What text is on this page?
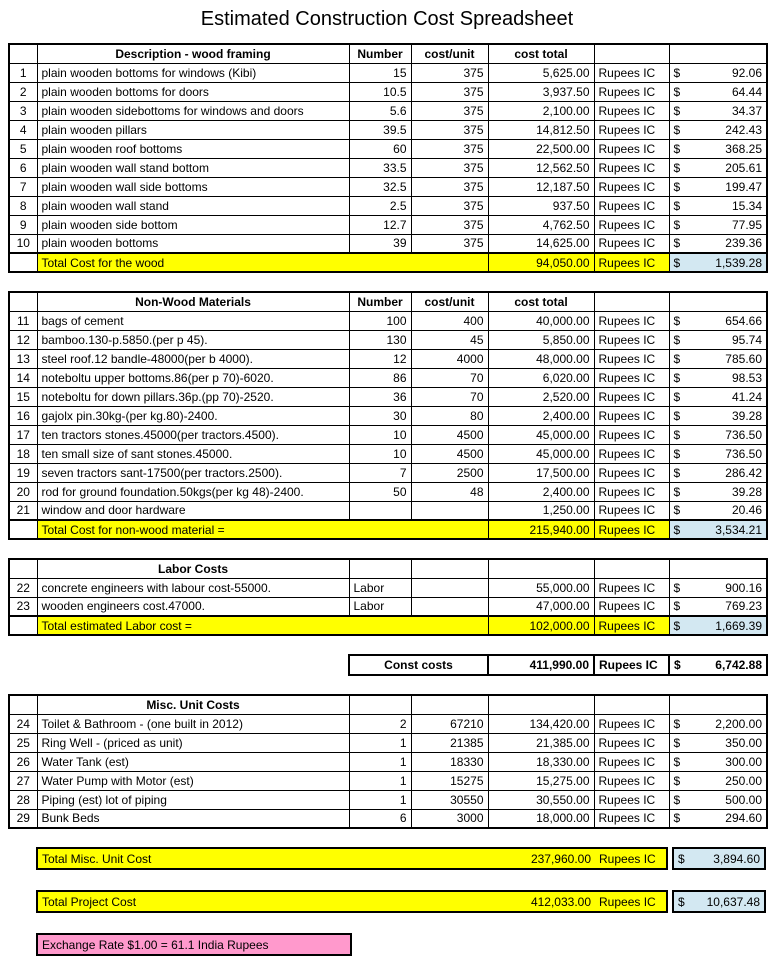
Estimated Construction Cost Spreadsheet
	Description - wood framing	Number	cost/unit	cost total		
1	plain wooden bottoms for windows (Kibi)	15	375	5,625.00	Rupees IC	$ 92.06

2	plain wooden bottoms for doors	10.5	375	3,937.50	Rupees IC	$ 64.44

3	plain wooden sidebottoms for windows and doors	5.6	375	2,100.00	Rupees IC	$ 34.37

4	plain wooden pillars	39.5	375	14,812.50	Rupees IC	$ 242.43

5	plain wooden roof bottoms	60	375	22,500.00	Rupees IC	$ 368.25

6	plain wooden wall stand bottom	33.5	375	12,562.50	Rupees IC	$ 205.61

7	plain wooden wall side bottoms	32.5	375	12,187.50	Rupees IC	$ 199.47

8	plain wooden wall stand	2.5	375	937.50	Rupees IC	$ 15.34

9	plain wooden side bottom	12.7	375	4,762.50	Rupees IC	$ 77.95

10	plain wooden bottoms	39	375	14,625.00	Rupees IC	$ 239.36

	Total Cost for the wood			94,050.00	Rupees IC	$ 1,539.28
	Non-Wood Materials	Number	cost/unit	cost total		
11	bags of cement	100	400	40,000.00	Rupees IC	$ 654.66

12	bamboo.130-p.5850.(per p 45).	130	45	5,850.00	Rupees IC	$ 95.74

13	steel roof.12 bandle-48000(per b 4000).	12	4000	48,000.00	Rupees IC	$ 785.60

14	noteboltu upper bottoms.86(per p 70)-6020.	86	70	6,020.00	Rupees IC	$ 98.53

15	noteboltu for down pillars.36p.(pp 70)-2520.	36	70	2,520.00	Rupees IC	$ 41.24

16	gajolx pin.30kg-(per kg.80)-2400.	30	80	2,400.00	Rupees IC	$ 39.28

17	ten tractors stones.45000(per tractors.4500).	10	4500	45,000.00	Rupees IC	$ 736.50

18	ten small size of sant stones.45000.	10	4500	45,000.00	Rupees IC	$ 736.50

19	seven tractors sant-17500(per tractors.2500).	7	2500	17,500.00	Rupees IC	$ 286.42

20	rod for ground foundation.50kgs(per kg 48)-2400.	50	48	2,400.00	Rupees IC	$ 39.28

21	window and door hardware			1,250.00	Rupees IC	$ 20.46

	Total Cost for non-wood material =			215,940.00	Rupees IC	$ 3,534.21
	Labor Costs					
22	concrete engineers with labour cost-55000.	Labor		55,000.00	Rupees IC	$ 900.16

23	wooden engineers cost.47000.	Labor		47,000.00	Rupees IC	$ 769.23

	Total estimated Labor cost =			102,000.00	Rupees IC	$ 1,669.39
Const costs	411,990.00	Rupees IC	$	6,742.88
	Misc. Unit Costs					
24	Toilet & Bathroom - (one built in 2012)	2	67210	134,420.00	Rupees IC	$ 2,200.00

25	Ring Well - (priced as unit)	1	21385	21,385.00	Rupees IC	$ 350.00

26	Water Tank (est)	1	18330	18,330.00	Rupees IC	$ 300.00

27	Water Pump with Motor (est)	1	15275	15,275.00	Rupees IC	$ 250.00

28	Piping (est) lot of piping	1	30550	30,550.00	Rupees IC	$ 500.00

29	Bunk Beds	6	3000	18,000.00	Rupees IC	$ 294.60
Total Misc. Unit Cost	237,960.00 Rupees IC	$ 3,894.60
Total Project Cost	412,033.00 Rupees IC	$ 10,637.48
Exchange Rate $1.00 = 61.1 India Rupees
